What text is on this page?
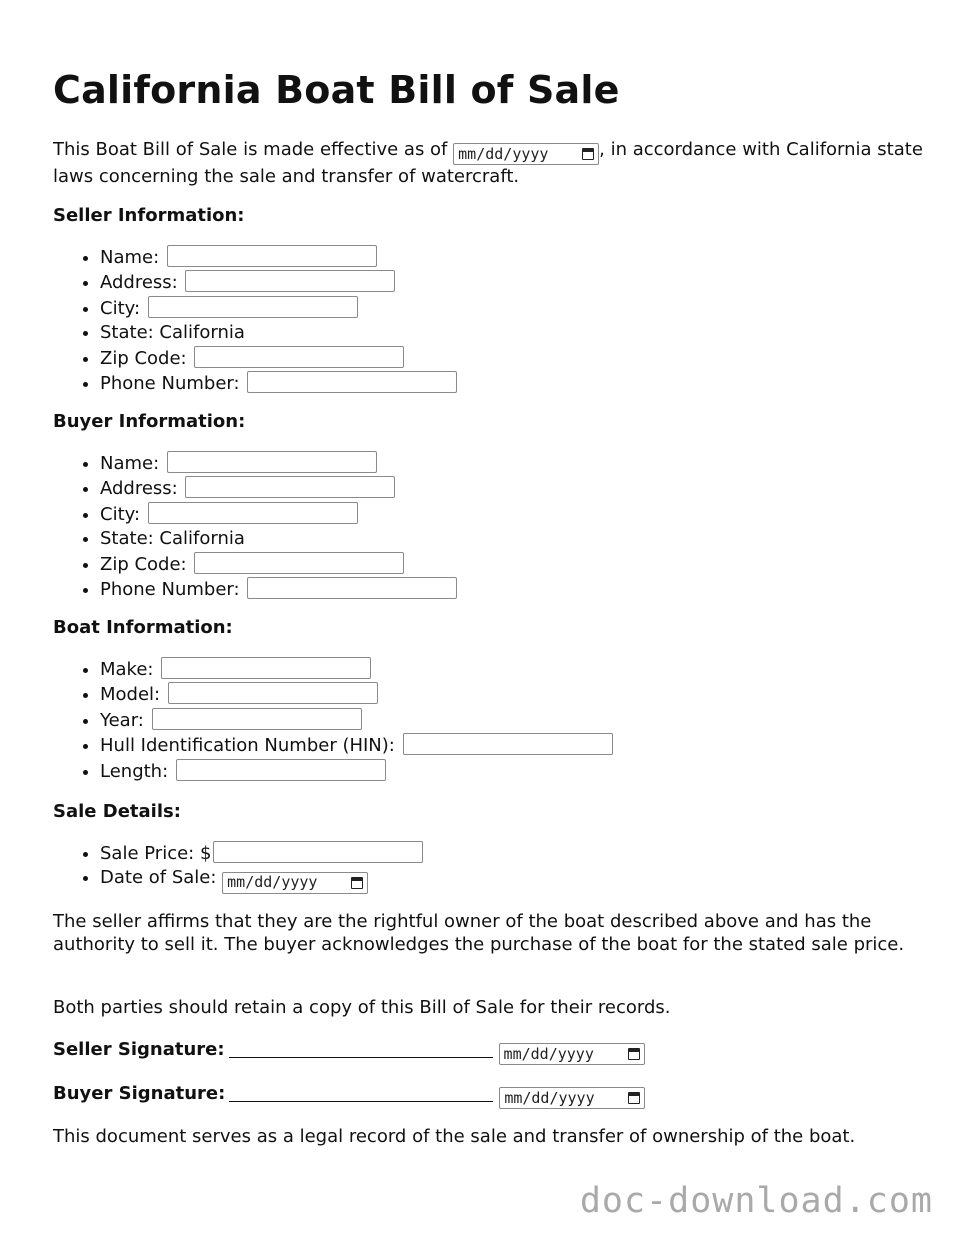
California Boat Bill of Sale

This Boat Bill of Sale is made effective as of mm/dd/yyyy	, in accordance with California state laws concerning the sale and transfer of watercraft.

Seller Information:

• Name:
• Address:
• City:
• State: California
• Zip Code:
• Phone Number:

Buyer Information:

• Name:
• Address:
• City:
• State: California
• Zip Code:
• Phone Number:

Boat Information:

• Make:
• Model:
• Year:
• Hull Identification Number (HIN):
• Length:

Sale Details:

• Sale Price: $
• Date of Sale: mm/dd/yyyy

The seller affirms that they are the rightful owner of the boat described above and has the authority to sell it. The buyer acknowledges the purchase of the boat for the stated sale price.

Both parties should retain a copy of this Bill of Sale for their records.

Seller Signature:	mm/dd/yyyy

Buyer Signature:	mm/dd/yyyy

This document serves as a legal record of the sale and transfer of ownership of the boat.

doc-download.com
